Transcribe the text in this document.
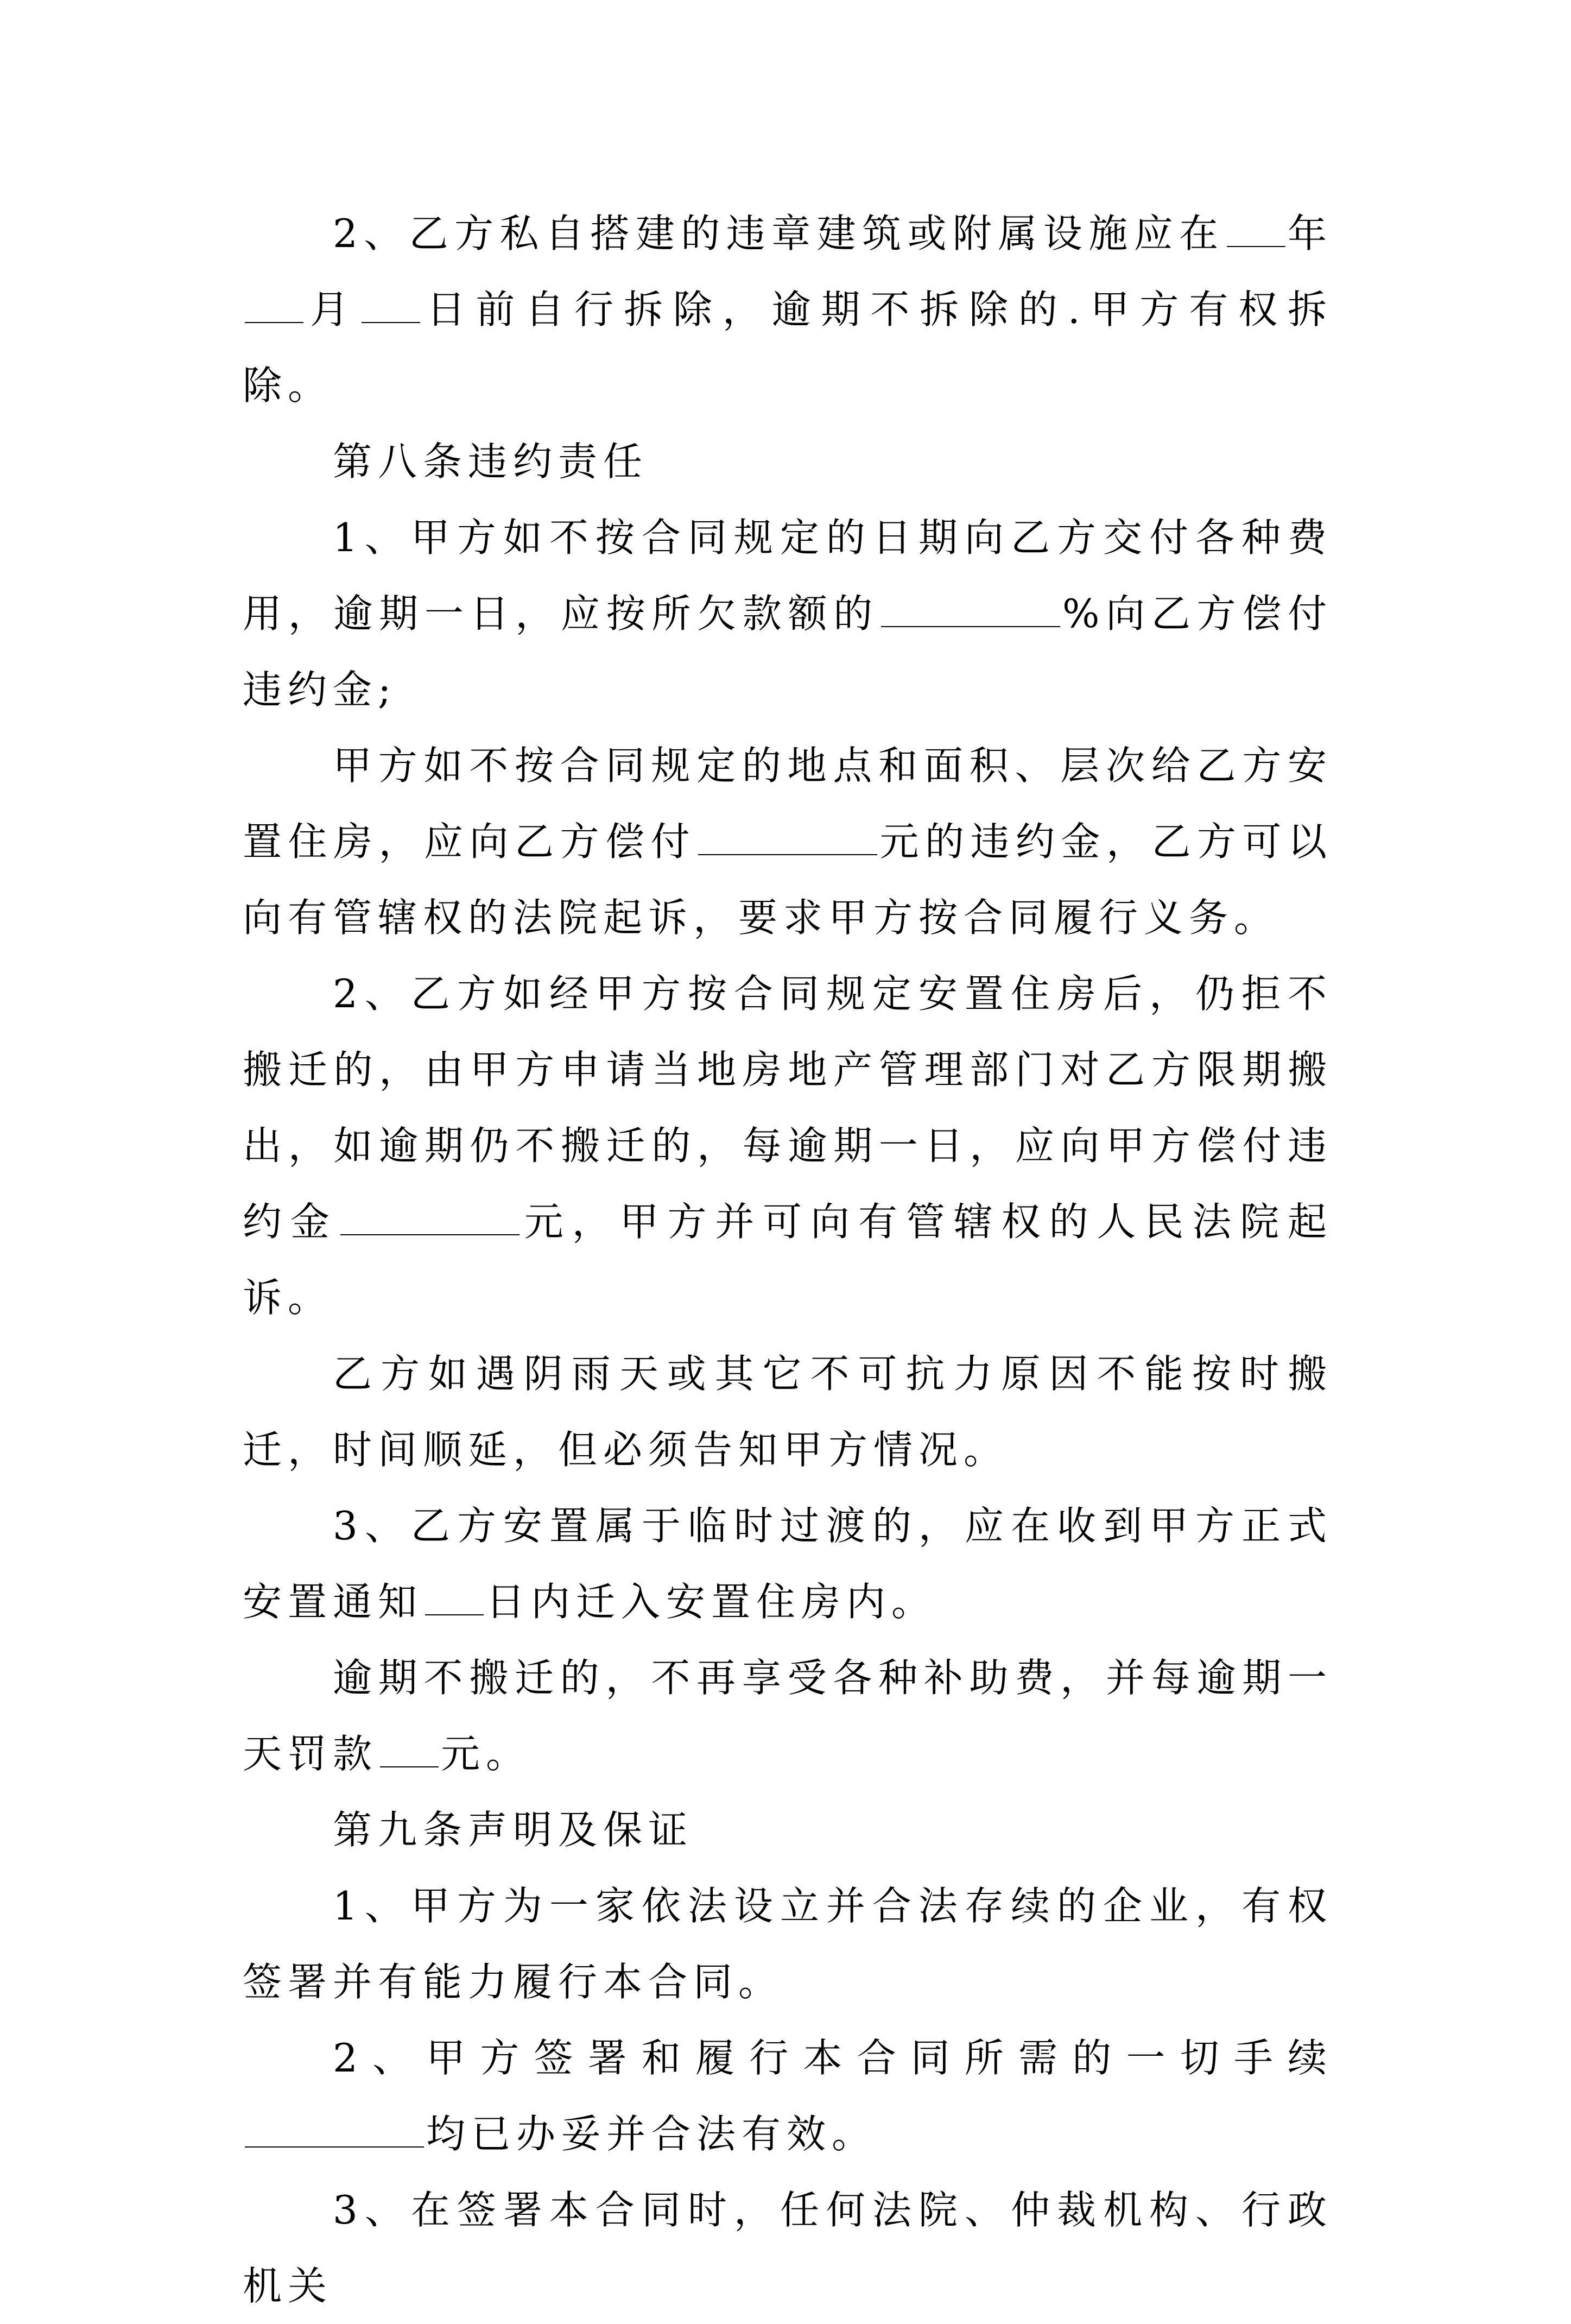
2、乙方私自搭建的违章建筑或附属设施应在 年月 日前自行拆除，逾期不拆除的.甲方有权拆除。

第八条违约责任

1、甲方如不按合同规定的日期向乙方交付各种费用，逾期一日，应按所欠款额的	%向乙方偿付违约金;

甲方如不按合同规定的地点和面积、层次给乙方安置住房，应向乙方偿付	元的违约金，乙方可以向有管辖权的法院起诉，要求甲方按合同履行义务。

2、乙方如经甲方按合同规定安置住房后，仍拒不搬迁的，由甲方申请当地房地产管理部门对乙方限期搬出，如逾期仍不搬迁的，每逾期一日，应向甲方偿付违约金	元，甲方并可向有管辖权的人民法院起诉。

乙方如遇阴雨天或其它不可抗力原因不能按时搬迁，时间顺延，但必须告知甲方情况。

3、乙方安置属于临时过渡的，应在收到甲方正式安置通知 日内迁入安置住房内。

逾期不搬迁的，不再享受各种补助费，并每逾期一天罚款 元。

第九条声明及保证

1、甲方为一家依法设立并合法存续的企业，有权签署并有能力履行本合同。

2、甲方签署和履行本合同所需的一切手续均已办妥并合法有效。

3、在签署本合同时，任何法院、仲裁机构、行政机关
